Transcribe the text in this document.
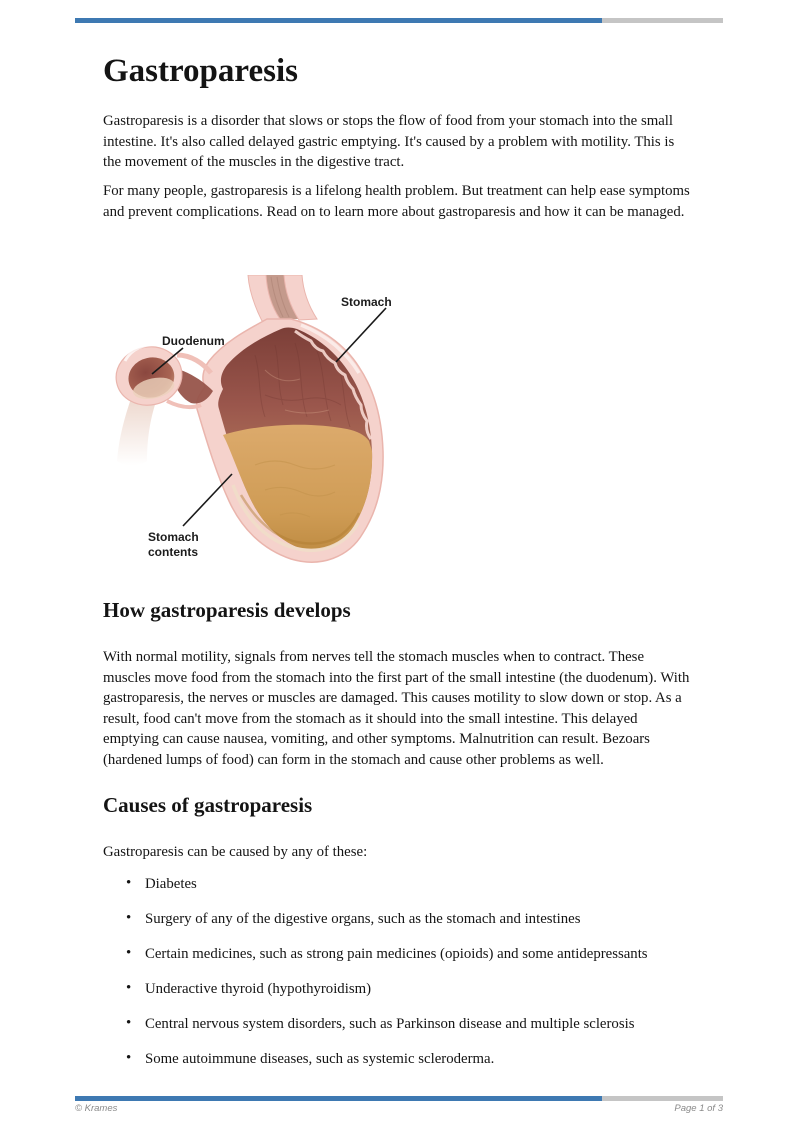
Gastroparesis

Gastroparesis is a disorder that slows or stops the flow of food from your stomach into the small intestine. It's also called delayed gastric emptying. It's caused by a problem with motility. This is the movement of the muscles in the digestive tract.

For many people, gastroparesis is a lifelong health problem. But treatment can help ease symptoms and prevent complications. Read on to learn more about gastroparesis and how it can be managed.

Stomach
Duodenum
Stomach
contents
How gastroparesis develops

With normal motility, signals from nerves tell the stomach muscles when to contract. These muscles move food from the stomach into the first part of the small intestine (the duodenum). With gastroparesis, the nerves or muscles are damaged. This causes motility to slow down or stop. As a result, food can't move from the stomach as it should into the small intestine. This delayed emptying can cause nausea, vomiting, and other symptoms. Malnutrition can result. Bezoars (hardened lumps of food) can form in the stomach and cause other problems as well.

Causes of gastroparesis

Gastroparesis can be caused by any of these:

• Diabetes
• Surgery of any of the digestive organs, such as the stomach and intestines
• Certain medicines, such as strong pain medicines (opioids) and some antidepressants
• Underactive thyroid (hypothyroidism)
• Central nervous system disorders, such as Parkinson disease and multiple sclerosis
• Some autoimmune diseases, such as systemic scleroderma.
© Krames	Page 1 of 3
